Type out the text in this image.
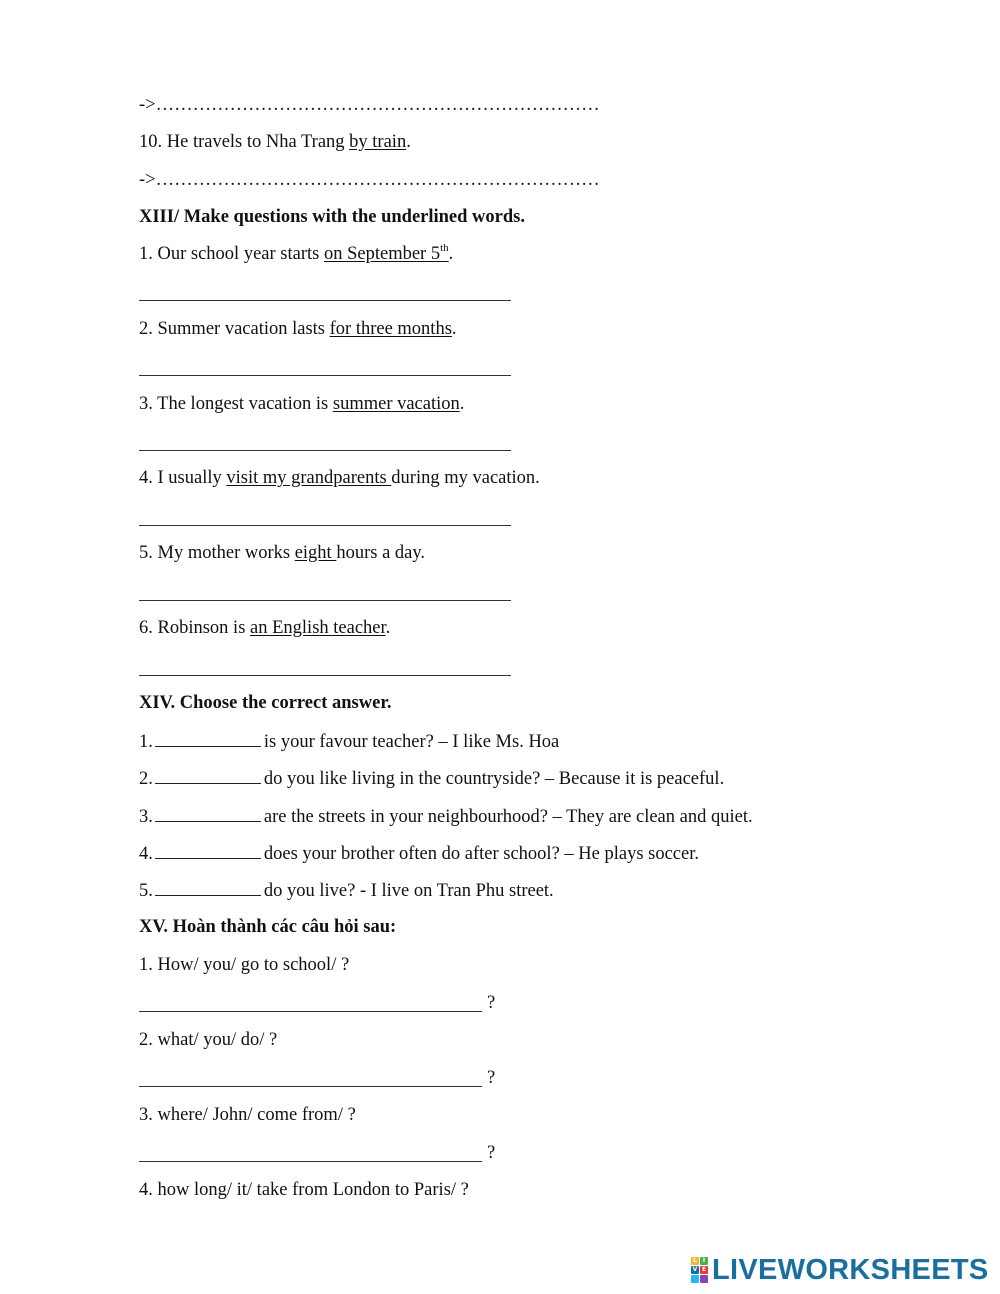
->………………………………………………………………
10. He travels to Nha Trang by train.
->………………………………………………………………
XIII/ Make questions with the underlined words.
1. Our school year starts on September 5th.
2. Summer vacation lasts for three months.
3. The longest vacation is summer vacation.
4. I usually visit my grandparents during my vacation.
5. My mother works eight hours a day.
6. Robinson is an English teacher.
XIV. Choose the correct answer.
1.	is your favour teacher? – I like Ms. Hoa
2.	do you like living in the countryside? – Because it is peaceful.
3.	are the streets in your neighbourhood? – They are clean and quiet.
4.	does your brother often do after school? – He plays soccer.
5.	do you live? - I live on Tran Phu street.
XV. Hoàn thành các câu hỏi sau:
1. How/ you/ go to school/ ?
?
2. what/ you/ do/ ?
?
3. where/ John/ come from/ ?
?
4. how long/ it/ take from London to Paris/ ?
L I
V E LIVEWORKSHEETS
